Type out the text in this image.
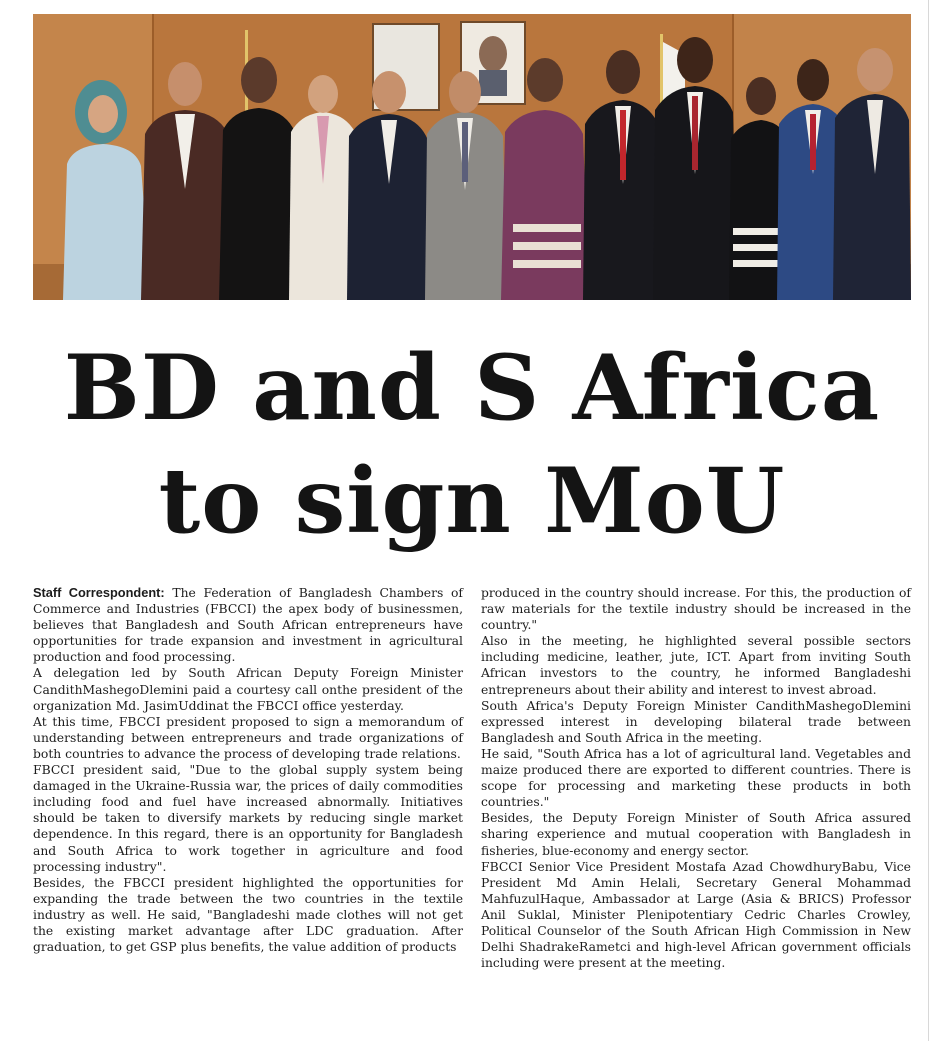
BD and S Africa
to sign MoU

Staff Correspondent: The Federation of Bangladesh Chambers of Commerce and Industries (FBCCI) the apex body of businessmen, believes that Bangladesh and South African entrepreneurs have opportunities for trade expansion and investment in agricultural production and food processing.

A delegation led by South African Deputy Foreign Minister CandithMashegoDlemini paid a courtesy call onthe president of the organization Md. JasimUddinat the FBCCI office yesterday.

At this time, FBCCI president proposed to sign a memorandum of understanding between entrepreneurs and trade organizations of both countries to advance the process of developing trade relations.

FBCCI president said, "Due to the global supply system being damaged in the Ukraine-Russia war, the prices of daily commodities including food and fuel have increased abnormally. Initiatives should be taken to diversify markets by reducing single market dependence. In this regard, there is an opportunity for Bangladesh and South Africa to work together in agriculture and food processing industry".

Besides, the FBCCI president highlighted the opportunities for expanding the trade between the two countries in the textile industry as well. He said, "Bangladeshi made clothes will not get the existing market advantage after LDC graduation. After graduation, to get GSP plus benefits, the value addition of products

produced in the country should increase. For this, the production of raw materials for the textile industry should be increased in the country."

Also in the meeting, he highlighted several possible sectors including medicine, leather, jute, ICT. Apart from inviting South African investors to the country, he informed Bangladeshi entrepreneurs about their ability and interest to invest abroad.

South Africa's Deputy Foreign Minister CandithMashegoDlemini expressed interest in developing bilateral trade between Bangladesh and South Africa in the meeting.

He said, "South Africa has a lot of agricultural land. Vegetables and maize produced there are exported to different countries. There is scope for processing and marketing these products in both countries."

Besides, the Deputy Foreign Minister of South Africa assured sharing experience and mutual cooperation with Bangladesh in fisheries, blue-economy and energy sector.

FBCCI Senior Vice President Mostafa Azad ChowdhuryBabu, Vice President Md Amin Helali, Secretary General Mohammad MahfuzulHaque, Ambassador at Large (Asia & BRICS) Professor Anil Suklal, Minister Plenipotentiary Cedric Charles Crowley, Political Counselor of the South African High Commission in New Delhi ShadrakeRametci and high-level African government officials including were present at the meeting.
